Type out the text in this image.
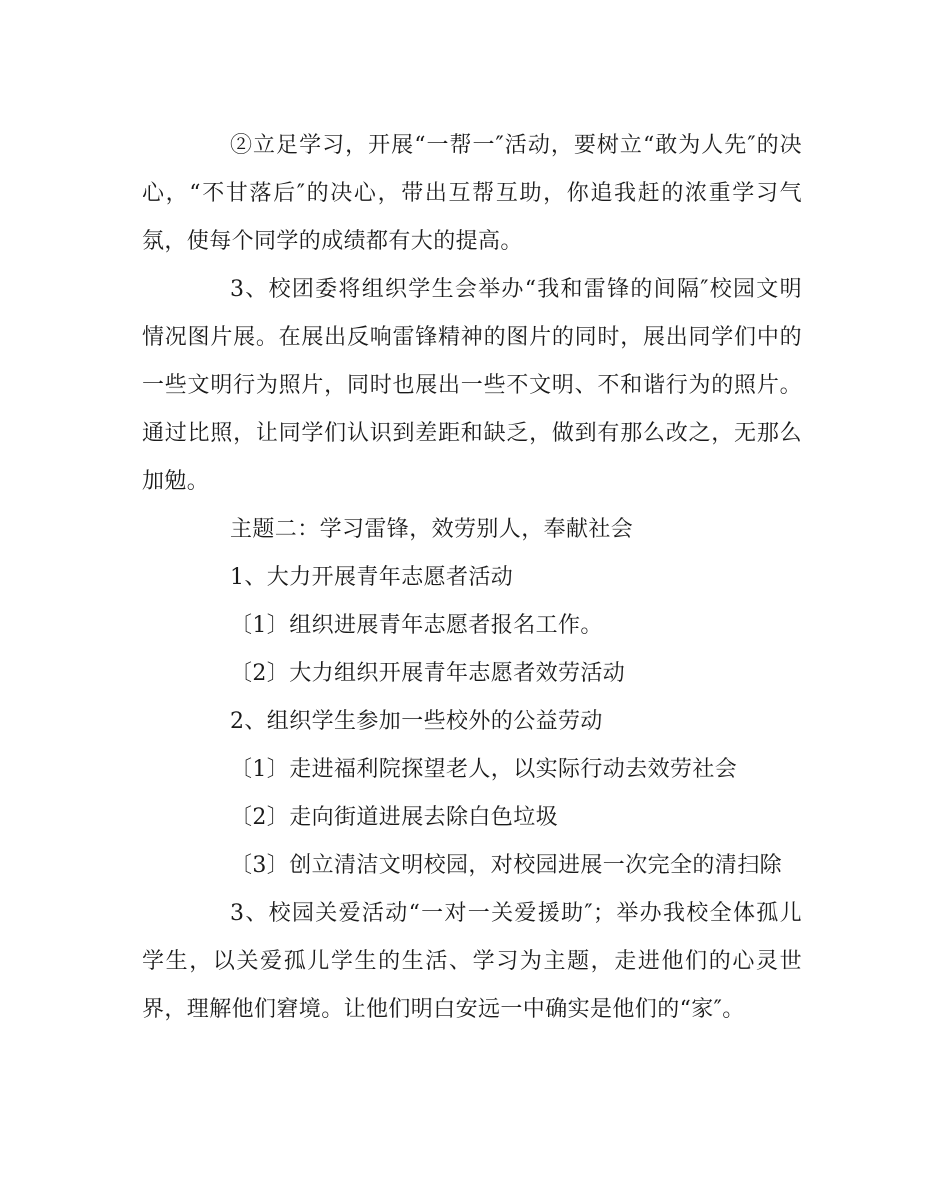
②立足学习，开展“一帮一″活动，要树立“敢为人先″的决心，“不甘落后″的决心，带出互帮互助，你追我赶的浓重学习气氛，使每个同学的成绩都有大的提高。

3、校团委将组织学生会举办“我和雷锋的间隔″校园文明情况图片展。在展出反响雷锋精神的图片的同时，展出同学们中的一些文明行为照片，同时也展出一些不文明、不和谐行为的照片。通过比照，让同学们认识到差距和缺乏，做到有那么改之，无那么加勉。

主题二：学习雷锋，效劳别人，奉献社会

1、大力开展青年志愿者活动

〔1〕组织进展青年志愿者报名工作。

〔2〕大力组织开展青年志愿者效劳活动

2、组织学生参加一些校外的公益劳动

〔1〕走进福利院探望老人，以实际行动去效劳社会

〔2〕走向街道进展去除白色垃圾

〔3〕创立清洁文明校园，对校园进展一次完全的清扫除

3、校园关爱活动“一对一关爱援助″；举办我校全体孤儿学生，以关爱孤儿学生的生活、学习为主题，走进他们的心灵世界，理解他们窘境。让他们明白安远一中确实是他们的“家″。
